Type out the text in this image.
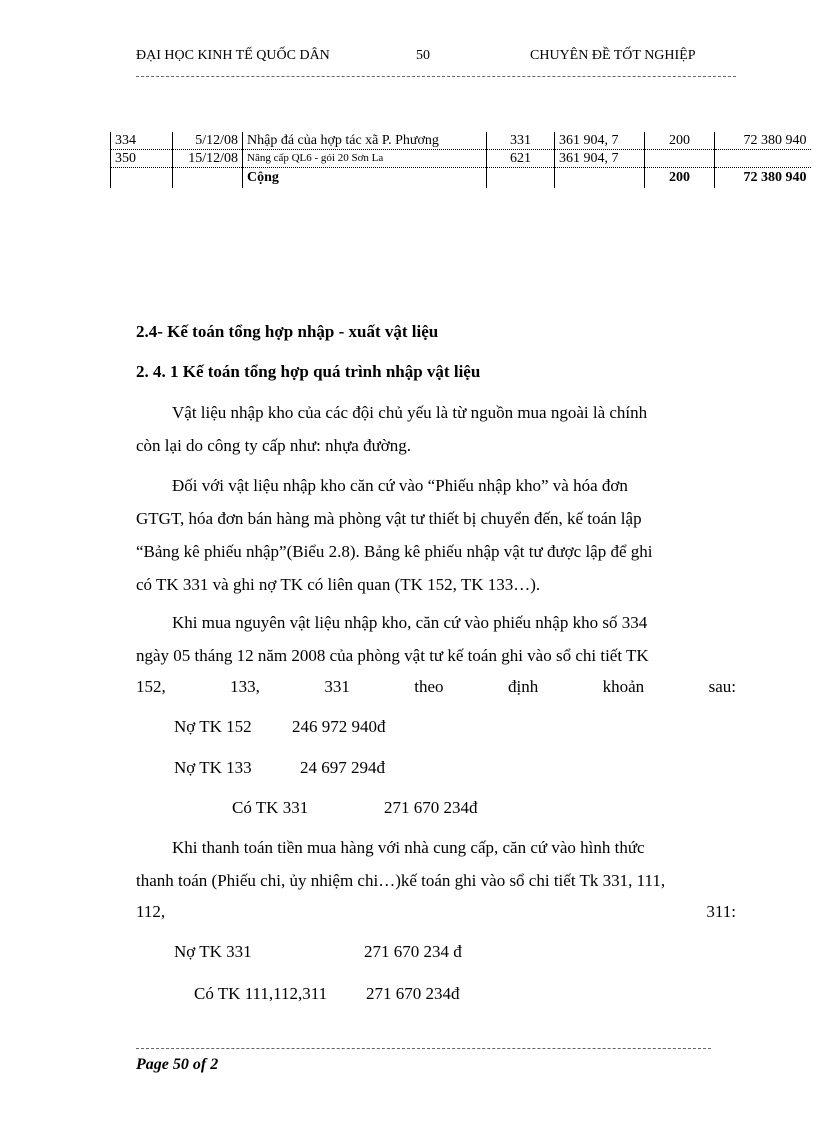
ĐẠI HỌC KINH TẾ QUỐC DÂN	50	CHUYÊN ĐỀ TỐT NGHIỆP
334	5/12/08	Nhập đá của hợp tác xã P. Phương	331	361 904, 7	200	72 380 940
350	15/12/08	Nâng cấp QL6 - gói 20 Sơn La	621	361 904, 7		
		Cộng			200	72 380 940
2.4- Kế toán tổng hợp nhập - xuất vật liệu
2. 4. 1 Kế toán tổng hợp quá trình nhập vật liệu
Vật liệu nhập kho của các đội chủ yếu là từ nguồn mua ngoài là chính
còn lại do công ty cấp như: nhựa đường.
Đối với vật liệu nhập kho căn cứ vào “Phiếu nhập kho” và hóa đơn
GTGT, hóa đơn bán hàng mà phòng vật tư thiết bị chuyển đến, kế toán lập
“Bảng kê phiếu nhập”(Biểu 2.8). Bảng kê phiếu nhập vật tư được lập để ghi
có TK 331 và ghi nợ TK có liên quan (TK 152, TK 133…).
Khi mua nguyên vật liệu nhập kho, căn cứ vào phiếu nhập kho số 334
ngày 05 tháng 12 năm 2008 của phòng vật tư kế toán ghi vào sổ chi tiết TK
152,	133,	331	theo	định	khoản	sau:
Nợ TK 152	246 972 940đ
Nợ TK 133	24 697 294đ
Có TK 331	271 670 234đ
Khi thanh toán tiền mua hàng với nhà cung cấp, căn cứ vào hình thức
thanh toán (Phiếu chi, ủy nhiệm chi…)kế toán ghi vào sổ chi tiết Tk 331, 111,
112,	311:
Nợ TK 331	271 670 234 đ
Có TK 111,112,311	271 670 234đ
Page 50 of 2
